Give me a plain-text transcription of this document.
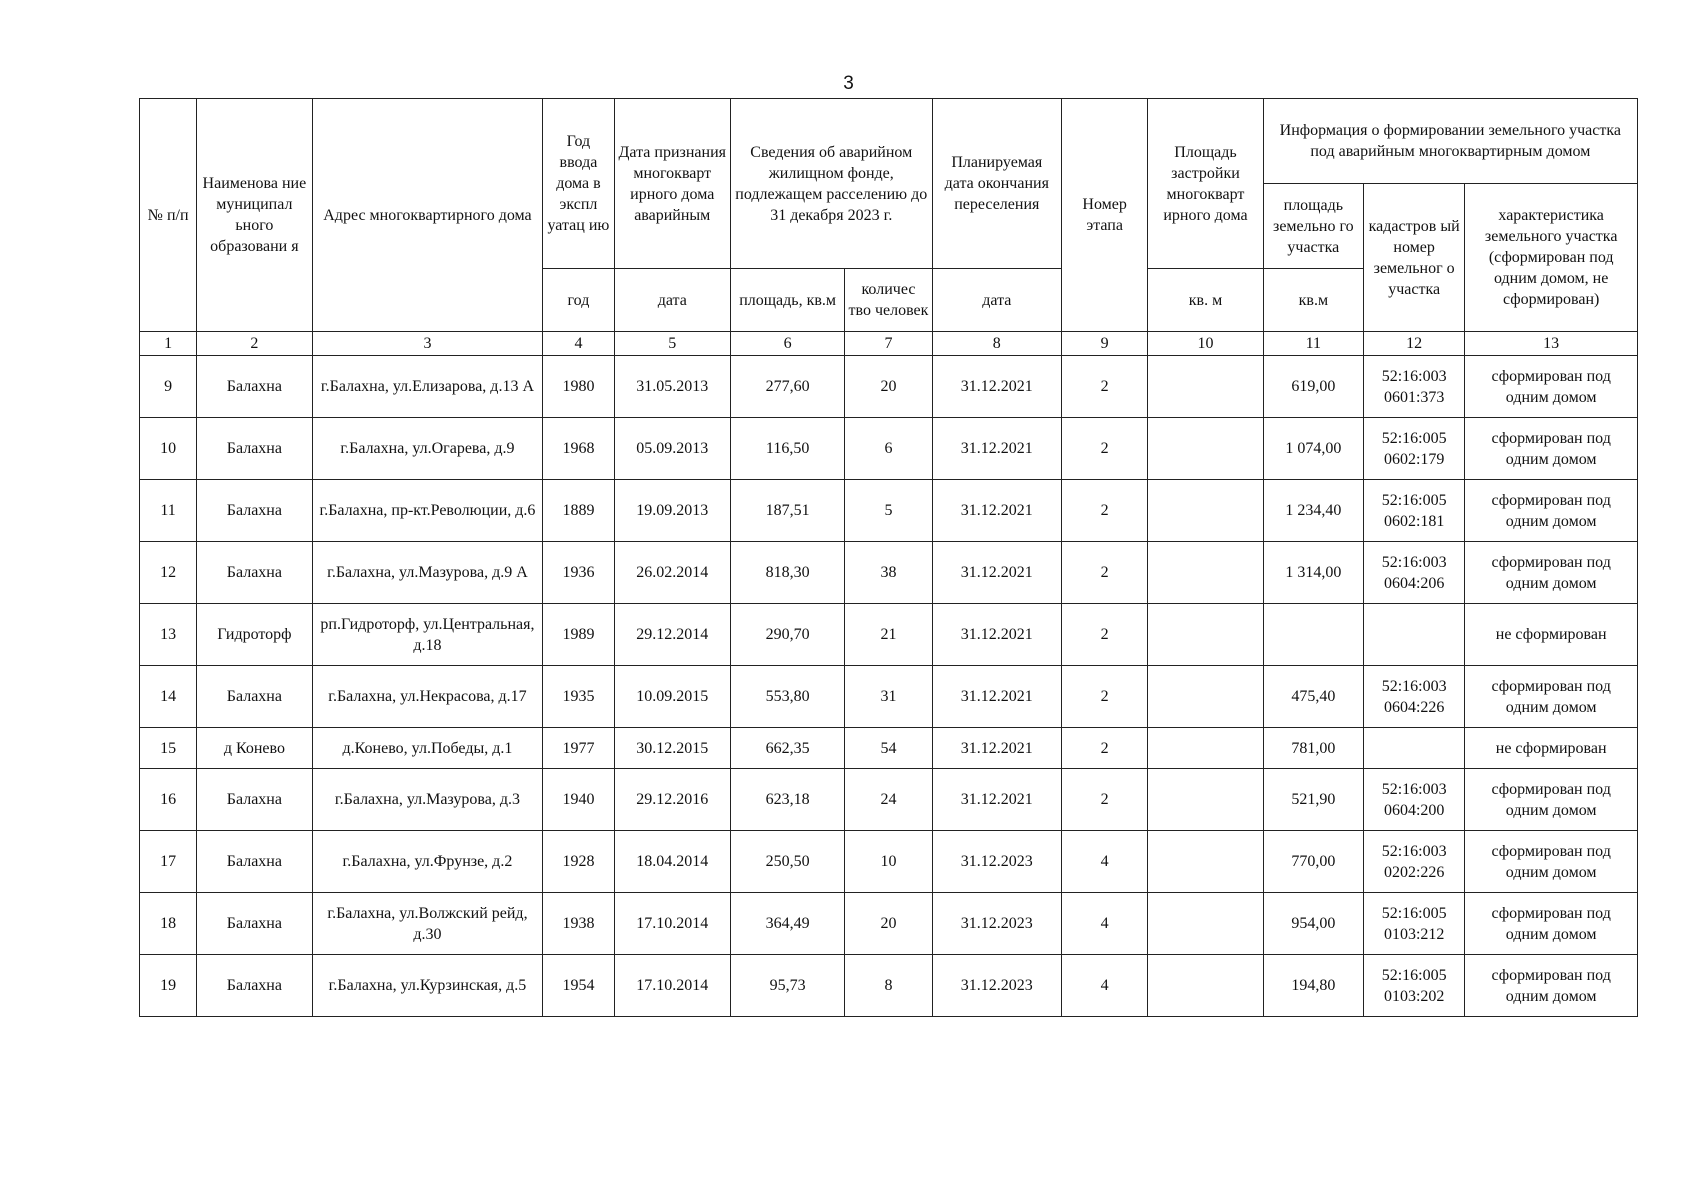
3
№ п/п	Наименова ние муниципал ьного образовани я	Адрес многоквартирного дома	Год ввода дома в экспл уатац ию	Дата признания многокварт ирного дома аварийным	Сведения об аварийном жилищном фонде, подлежащем расселению до 31 декабря 2023 г.		Планируемая дата окончания переселения	Номер этапа	Площадь застройки многокварт ирного дома	Информация о формировании земельного участка под аварийным многоквартирным домом		
										площадь земельно го участка	кадастров ый номер земельног о участка	характеристика земельного участка (сформирован под одним домом, не сформирован)
			год	дата	площадь, кв.м	количес тво человек	дата		кв. м	кв.м		
1	2	3	4	5	6	7	8	9	10	11	12	13
9	Балахна	г.Балахна, ул.Елизарова, д.13 А	1980	31.05.2013	277,60	20	31.12.2021	2		619,00	52:16:003 0601:373	сформирован под одним домом
10	Балахна	г.Балахна, ул.Огарева, д.9	1968	05.09.2013	116,50	6	31.12.2021	2		1 074,00	52:16:005 0602:179	сформирован под одним домом
11	Балахна	г.Балахна, пр-кт.Революции, д.6	1889	19.09.2013	187,51	5	31.12.2021	2		1 234,40	52:16:005 0602:181	сформирован под одним домом
12	Балахна	г.Балахна, ул.Мазурова, д.9 А	1936	26.02.2014	818,30	38	31.12.2021	2		1 314,00	52:16:003 0604:206	сформирован под одним домом
13	Гидроторф	рп.Гидроторф, ул.Центральная, д.18	1989	29.12.2014	290,70	21	31.12.2021	2				не сформирован
14	Балахна	г.Балахна, ул.Некрасова, д.17	1935	10.09.2015	553,80	31	31.12.2021	2		475,40	52:16:003 0604:226	сформирован под одним домом
15	д Конево	д.Конево, ул.Победы, д.1	1977	30.12.2015	662,35	54	31.12.2021	2		781,00		не сформирован
16	Балахна	г.Балахна, ул.Мазурова, д.3	1940	29.12.2016	623,18	24	31.12.2021	2		521,90	52:16:003 0604:200	сформирован под одним домом
17	Балахна	г.Балахна, ул.Фрунзе, д.2	1928	18.04.2014	250,50	10	31.12.2023	4		770,00	52:16:003 0202:226	сформирован под одним домом
18	Балахна	г.Балахна, ул.Волжский рейд, д.30	1938	17.10.2014	364,49	20	31.12.2023	4		954,00	52:16:005 0103:212	сформирован под одним домом
19	Балахна	г.Балахна, ул.Курзинская, д.5	1954	17.10.2014	95,73	8	31.12.2023	4		194,80	52:16:005 0103:202	сформирован под одним домом
